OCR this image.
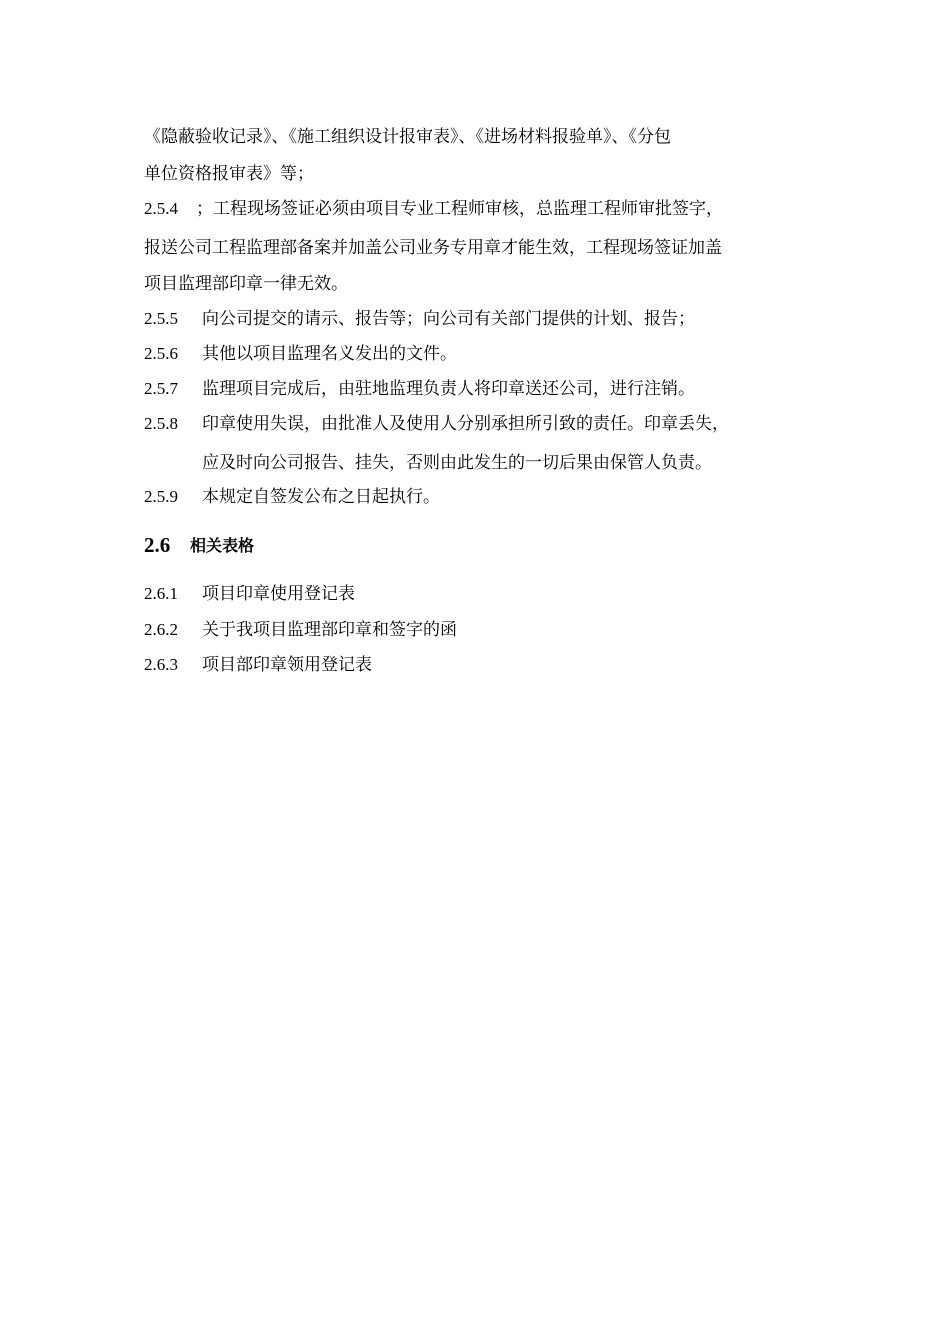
《隐蔽验收记录》、《施工组织设计报审表》、《进场材料报验单》、《分包
单位资格报审表》等；
2.5.4 ；工程现场签证必须由项目专业工程师审核，总监理工程师审批签字，
报送公司工程监理部备案并加盖公司业务专用章才能生效，工程现场签证加盖
项目监理部印章一律无效。
2.5.5 向公司提交的请示、报告等；向公司有关部门提供的计划、报告；
2.5.6 其他以项目监理名义发出的文件。
2.5.7 监理项目完成后，由驻地监理负责人将印章送还公司，进行注销。
2.5.8 印章使用失误，由批准人及使用人分别承担所引致的责任。印章丢失，
应及时向公司报告、挂失，否则由此发生的一切后果由保管人负责。
2.5.9 本规定自签发公布之日起执行。
2.6 相关表格
2.6.1 项目印章使用登记表
2.6.2 关于我项目监理部印章和签字的函
2.6.3 项目部印章领用登记表
